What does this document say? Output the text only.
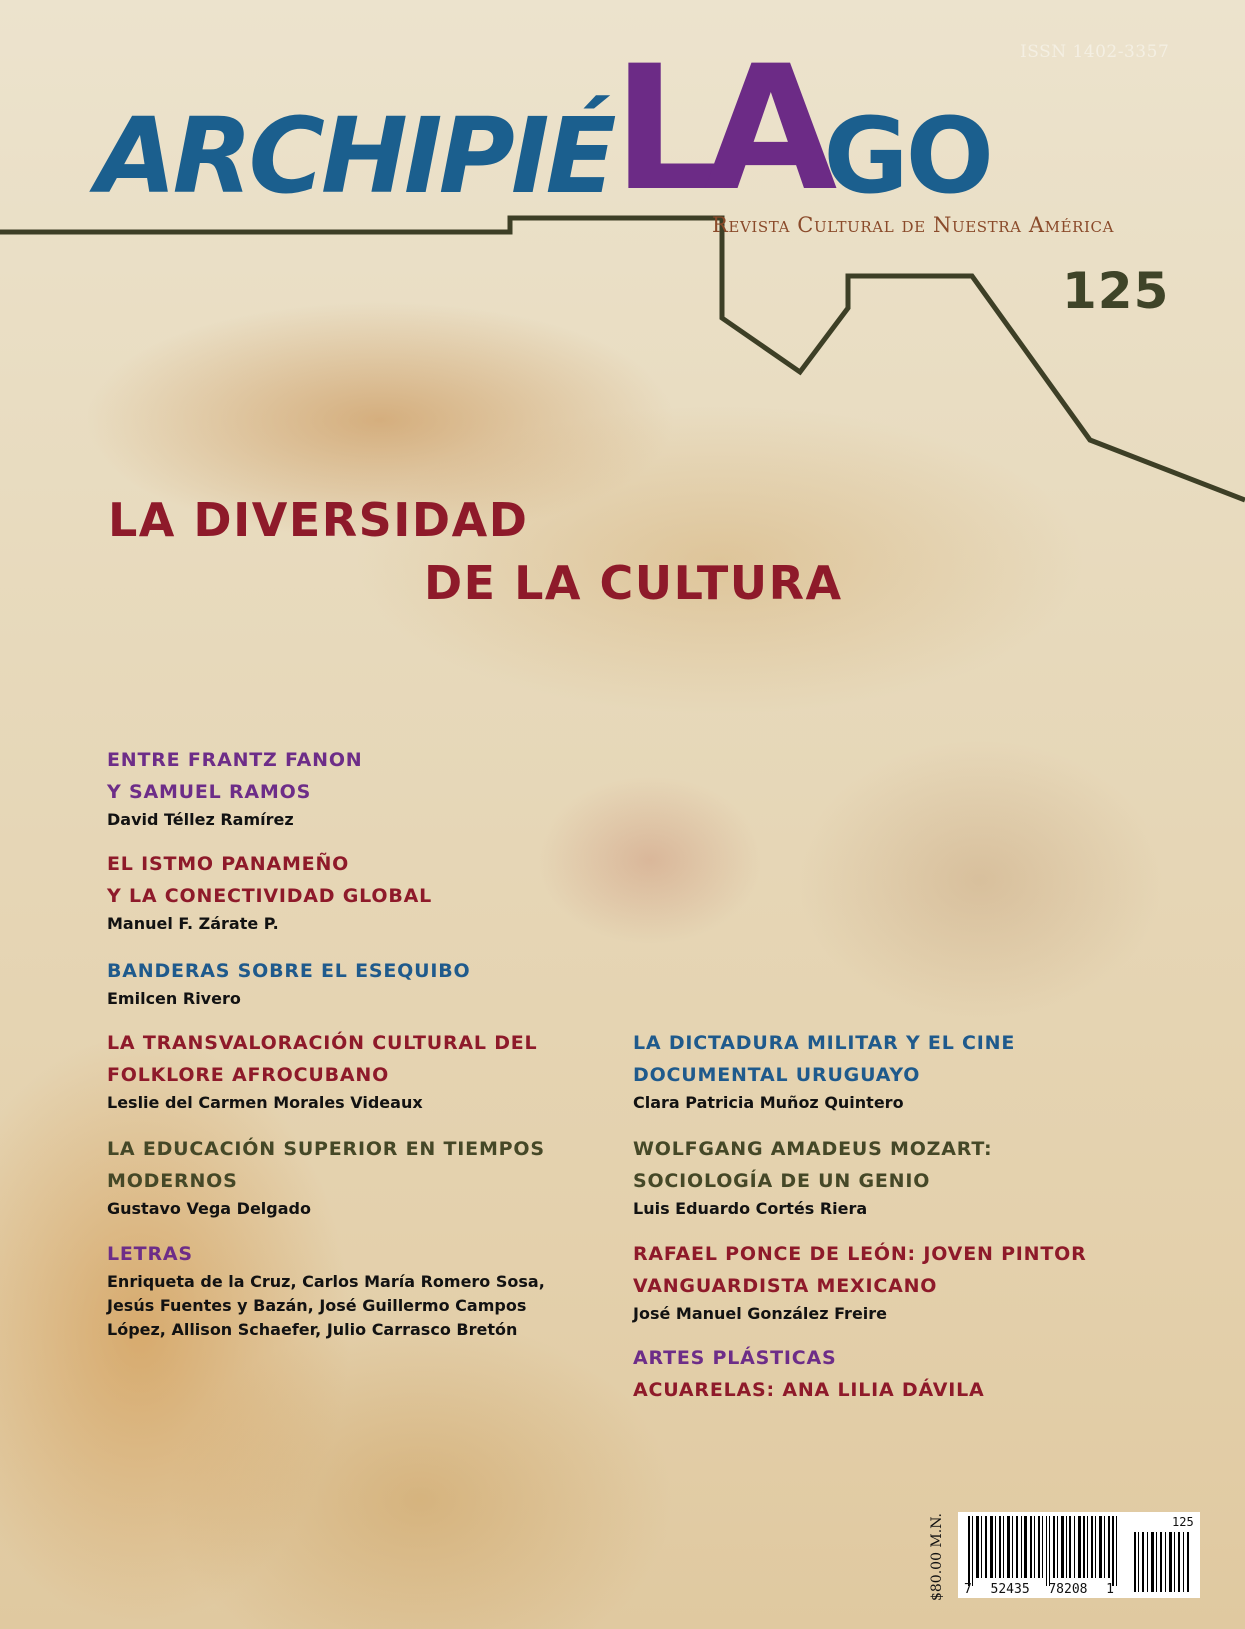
ISSN 1402-3357
ARCHIPIÉ LA GO
Revista Cultural de Nuestra América
125
LA DIVERSIDAD
DE LA CULTURA
ENTRE FRANTZ FANON
Y SAMUEL RAMOS
David Téllez Ramírez
EL ISTMO PANAMEÑO
Y LA CONECTIVIDAD GLOBAL
Manuel F. Zárate P.
BANDERAS SOBRE EL ESEQUIBO
Emilcen Rivero
LA TRANSVALORACIÓN CULTURAL DEL
FOLKLORE AFROCUBANO
Leslie del Carmen Morales Videaux
LA EDUCACIÓN SUPERIOR EN TIEMPOS
MODERNOS
Gustavo Vega Delgado
LETRAS
Enriqueta de la Cruz, Carlos María Romero Sosa,
Jesús Fuentes y Bazán, José Guillermo Campos
López, Allison Schaefer, Julio Carrasco Bretón
LA DICTADURA MILITAR Y EL CINE
DOCUMENTAL URUGUAYO
Clara Patricia Muñoz Quintero
WOLFGANG AMADEUS MOZART:
SOCIOLOGÍA DE UN GENIO
Luis Eduardo Cortés Riera
RAFAEL PONCE DE LEÓN: JOVEN PINTOR
VANGUARDISTA MEXICANO
José Manuel González Freire
ARTES PLÁSTICAS
ACUARELAS: ANA LILIA DÁVILA
$80.00 M.N.	125
7 52435 78208 1
